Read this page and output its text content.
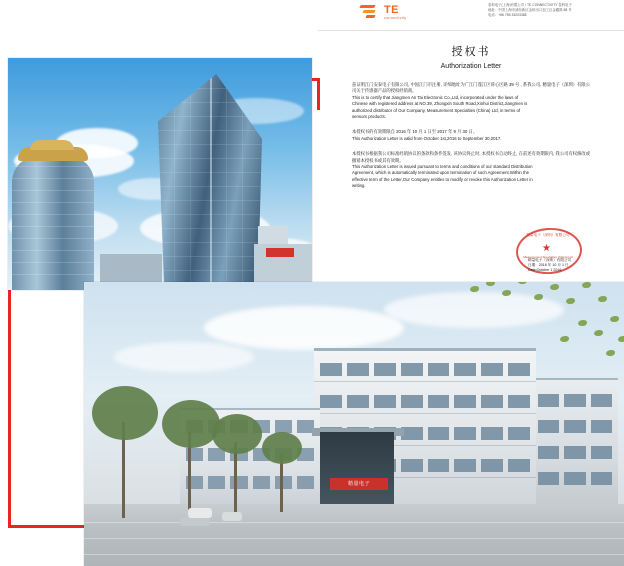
TE
connectivity
泰科电子(上海)有限公司 / TE CONNECTIVITY 泰科电子
地址：中国上海市浦东新区金桥出口加工区金藏路 88 号
电话：+86 755 33203388
授权书
Authorization Letter
兹证明江门安泰电子有限公司, 中国江门市注册, 详细地址为广江门蓬江区荷心区路 39 号 , 系我公司, 精量电子（深圳）有限公司关于传感器产品的授权经销商。
This is to certify that Jiangmen An Tai Electronic Co.,Ltd, incorporated under the laws of
Chinese with registered address at NO.39, Zhongxin South Road,Xinhui District,Jiangmen is
authorized distributor of Our Company, Measurement Specialties (China) Ltd, in terms of
sensors products.
本授权书的有效期限自 2016 年 10 月 1 日至 2017 年 9 月 30 日。
This Authorization Letter is valid from October 1st,2016 to September 30,2017.
本授权书根据我公司标准经销协议的条款和条件签发, 该协议终止时, 本授权书自动终止, 在前述有效期限内, 我公司有权修改或撤销本授权书或其有效期。
This Authorization Letter is issued pursuant to terms and conditions of our standard Distribution
Agreement, which is automatically terminated upon termination of such Agreement.Within the
effective term of the Letter,Our Company entitles to modify or revoke this Authorization Letter in
writing.
精量电子（深圳）有限公司
★
Measurement Specialties (China) Ltd
精量电子（深圳）有限公司
日期：2016 年 10 月 1 日
Date:October 1 2016
精量电子
